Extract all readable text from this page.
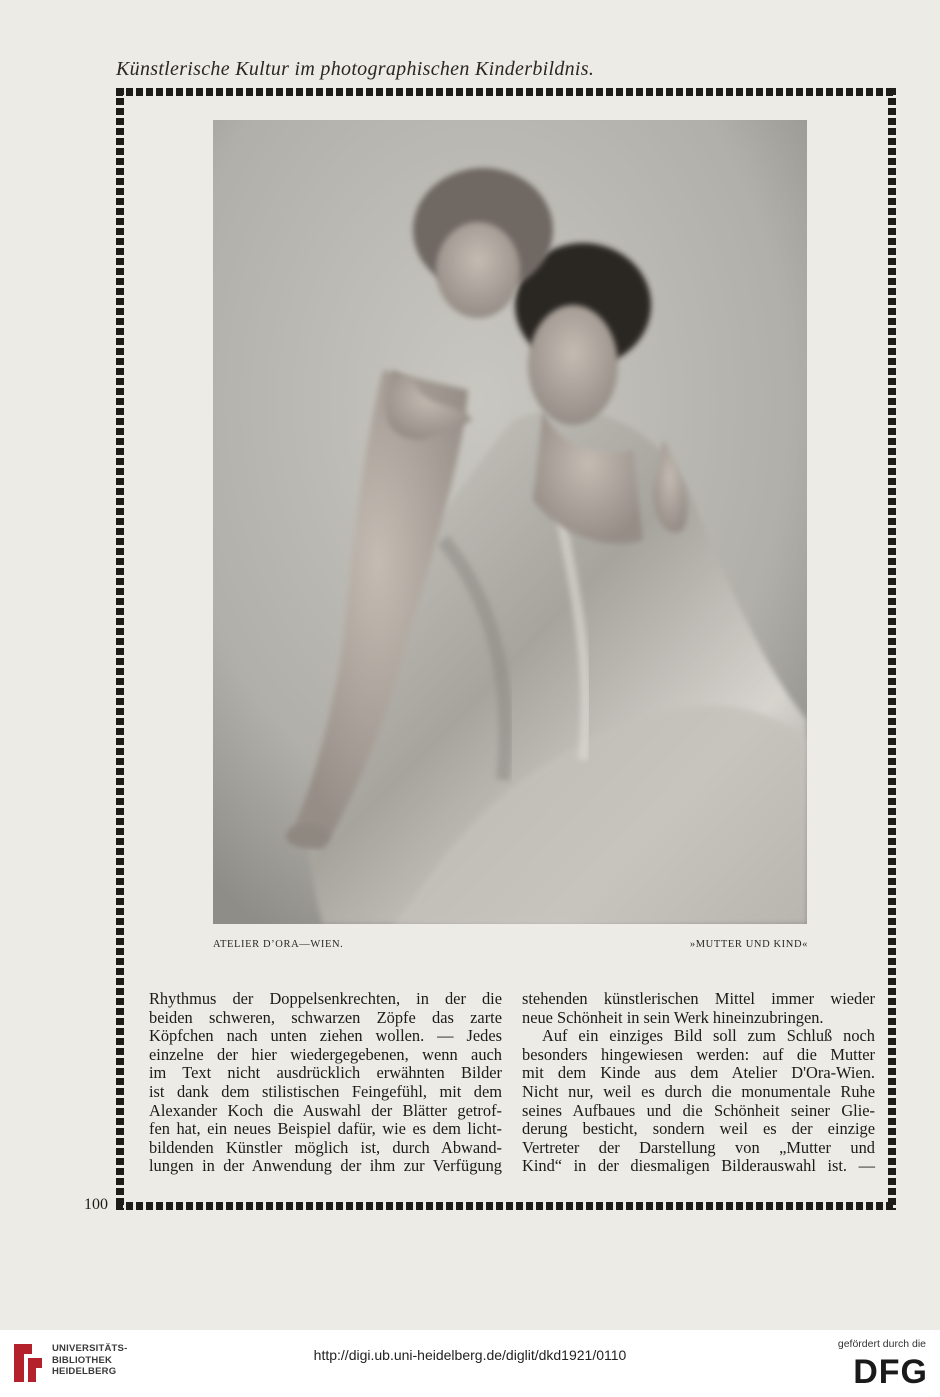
Künstlerische Kultur im photographischen Kinderbildnis.
ATELIER D’ORA—WIEN.	»MUTTER UND KIND«
Rhythmus der Doppelsenkrechten, in der die
beiden schweren, schwarzen Zöpfe das zarte
Köpfchen nach unten ziehen wollen. — Jedes
einzelne der hier wiedergegebenen, wenn auch
im Text nicht ausdrücklich erwähnten Bilder
ist dank dem stilistischen Feingefühl, mit dem
Alexander Koch die Auswahl der Blätter getrof-
fen hat, ein neues Beispiel dafür, wie es dem licht-
bildenden Künstler möglich ist, durch Abwand-
lungen in der Anwendung der ihm zur Verfügung
stehenden künstlerischen Mittel immer wieder
neue Schönheit in sein Werk hineinzubringen.
Auf ein einziges Bild soll zum Schluß noch
besonders hingewiesen werden: auf die Mutter
mit dem Kinde aus dem Atelier D'Ora-Wien.
Nicht nur, weil es durch die monumentale Ruhe
seines Aufbaues und die Schönheit seiner Glie-
derung besticht, sondern weil es der einzige
Vertreter der Darstellung von „Mutter und
Kind“ in der diesmaligen Bilderauswahl ist. —
100
UNIVERSITÄTS-
BIBLIOTHEK
HEIDELBERG
http://digi.ub.uni-heidelberg.de/diglit/dkd1921/0110
gefördert durch die
DFG
